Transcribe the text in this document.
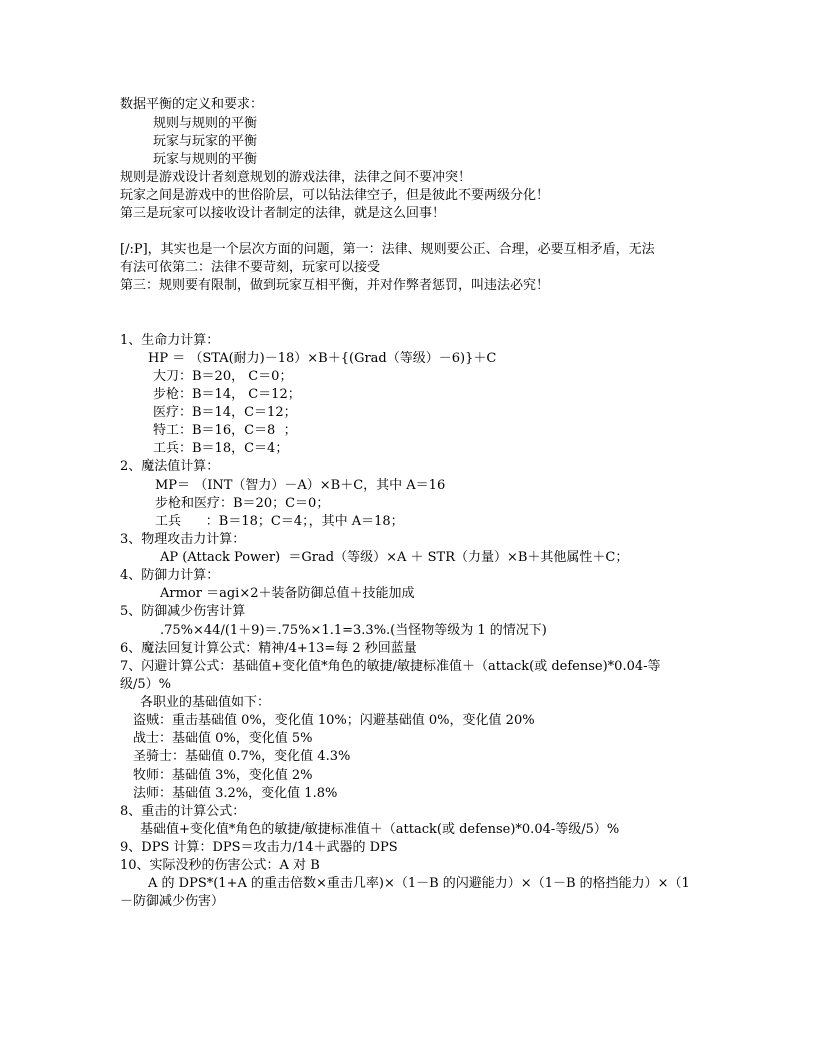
数据平衡的定义和要求：
规则与规则的平衡
玩家与玩家的平衡
玩家与规则的平衡
规则是游戏设计者刻意规划的游戏法律，法律之间不要冲突！
玩家之间是游戏中的世俗阶层，可以钻法律空子，但是彼此不要两级分化！
第三是玩家可以接收设计者制定的法律，就是这么回事！
[/:P]，其实也是一个层次方面的问题，第一：法律、规则要公正、合理，必要互相矛盾，无法
有法可依第二：法律不要苛刻，玩家可以接受
第三：规则要有限制，做到玩家互相平衡，并对作弊者惩罚，叫违法必究！
1、生命力计算：
HP ＝ （STA(耐力)－18）×B＋{(Grad（等级）－6)}＋C
大刀：B＝20， C＝0；
步枪：B＝14， C＝12；
医疗：B＝14，C＝12；
特工：B＝16，C＝8  ；
工兵：B＝18，C＝4；
2、魔法值计算：
MP＝ （INT（智力）－A）×B＋C，其中 A＝16
步枪和医疗：B＝20；C＝0；
工兵      ：B＝18；C＝4；，其中 A＝18；
3、物理攻击力计算：
AP (Attack Power)  ＝Grad（等级）×A ＋ STR（力量）×B＋其他属性＋C；
4、防御力计算：
Armor ＝agi×2＋装备防御总值＋技能加成
5、防御减少伤害计算
.75%×44/(1＋9)＝.75%×1.1=3.3%.(当怪物等级为 1 的情况下)
6、魔法回复计算公式：精神/4+13=每 2 秒回蓝量
7、闪避计算公式：基础值+变化值*角色的敏捷/敏捷标准值＋（attack(或 defense)*0.04-等
级/5）%
各职业的基础值如下：
盗贼：重击基础值 0%，变化值 10%；闪避基础值 0%，变化值 20%
战士：基础值 0%，变化值 5%
圣骑士：基础值 0.7%，变化值 4.3%
牧师：基础值 3%，变化值 2%
法师：基础值 3.2%，变化值 1.8%
8、重击的计算公式：
基础值+变化值*角色的敏捷/敏捷标准值＋（attack(或 defense)*0.04-等级/5）%
9、DPS 计算：DPS＝攻击力/14＋武器的 DPS
10、实际没秒的伤害公式：A 对 B
A 的 DPS*(1+A 的重击倍数×重击几率)×（1－B 的闪避能力）×（1－B 的格挡能力）×（1
－防御减少伤害）
